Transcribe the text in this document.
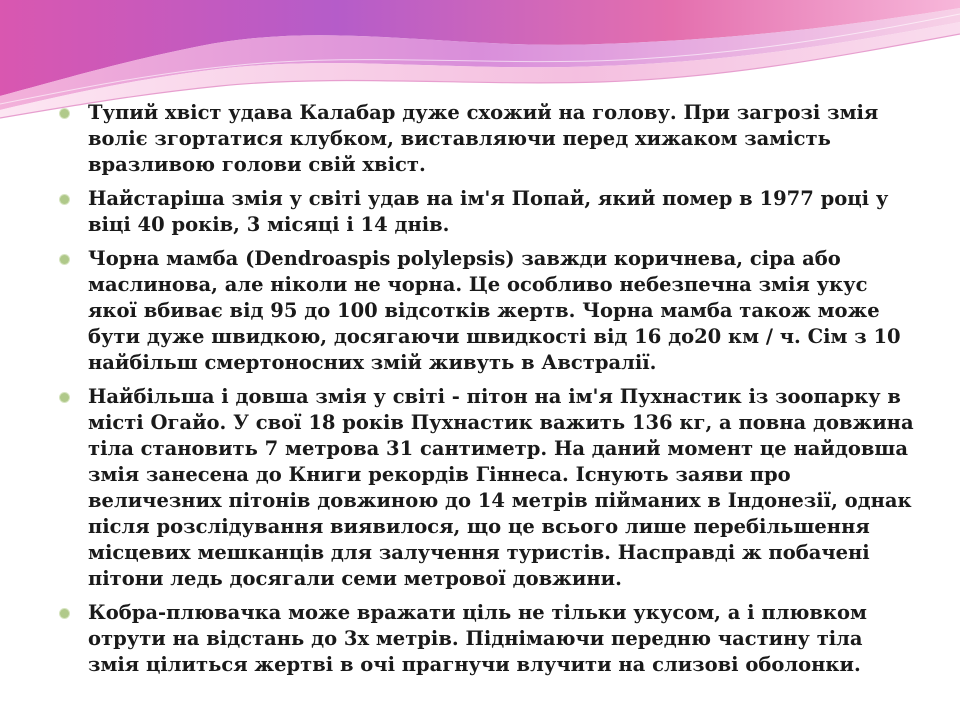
Тупий хвіст удава Калабар дуже схожий на голову. При загрозі змія воліє згортатися клубком, виставляючи перед хижаком замість вразливою голови свій хвіст.
Найстаріша змія у світі удав на ім'я Попай, який помер в 1977 році у віці 40 років, 3 місяці і 14 днів.
Чорна мамба (Dendroaspis polylepsis) завжди коричнева, сіра або маслинова, але ніколи не чорна. Це особливо небезпечна змія укус якої вбиває від 95 до 100 відсотків жертв. Чорна мамба також може бути дуже швидкою, досягаючи швидкості від 16 до20 км / ч. Сім з 10 найбільш смертоносних змій живуть в Австралії.
Найбільша і довша змія у світі - пітон на ім'я Пухнастик із зоопарку в місті Огайо. У свої 18 років Пухнастик важить 136 кг, а повна довжина тіла становить 7 метрова 31 сантиметр. На даний момент це найдовша змія занесена до Книги рекордів Гіннеса. Існують заяви про величезних пітонів довжиною до 14 метрів пійманих в Індонезії, однак після розслідування виявилося, що це всього лише перебільшення місцевих мешканців для залучення туристів. Насправді ж побачені пітони ледь досягали семи метрової довжини.
Кобра-плювачка може вражати ціль не тільки укусом, а і плювком отрути на відстань до 3х метрів. Піднімаючи передню частину тіла змія цілиться жертві в очі прагнучи влучити на слизові оболонки.
